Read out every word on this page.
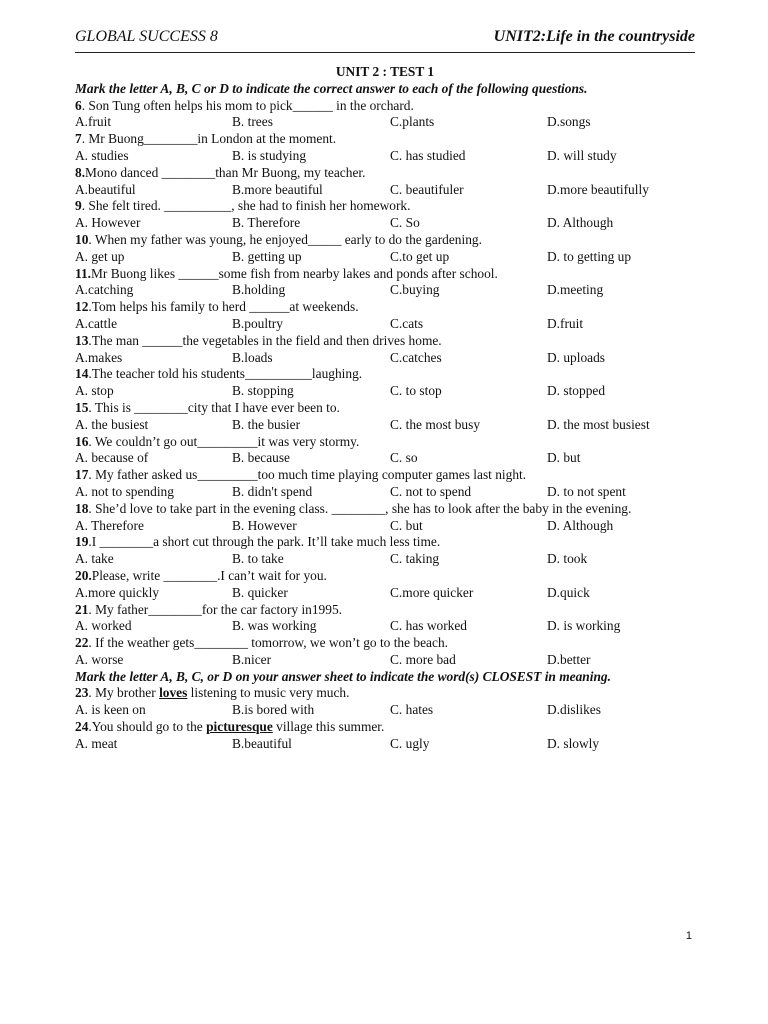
GLOBAL SUCCESS 8	UNIT2:Life in the countryside
UNIT 2 : TEST 1
Mark the letter A, B, C or D to indicate the correct answer to each of the following questions.
6. Son Tung often helps his mom to pick______ in the orchard.
A.fruit	B. trees	C.plants	D.songs
7. Mr Buong________in London at the moment.
A. studies	B. is studying	C. has studied	D. will study
8.Mono danced ________than Mr Buong, my teacher.
A.beautiful	B.more beautiful	C. beautifuler	D.more beautifully
9. She felt tired. __________, she had to finish her homework.
A. However	B. Therefore	C. So	D. Although
10. When my father was young, he enjoyed_____ early to do the gardening.
A. get up	B. getting up	C.to get up	D. to getting up
11.Mr Buong likes ______some fish from nearby lakes and ponds after school.
A.catching	B.holding	C.buying	D.meeting
12.Tom helps his family to herd ______at weekends.
A.cattle	B.poultry	C.cats	D.fruit
13.The man ______the vegetables in the field and then drives home.
A.makes	B.loads	C.catches	D. uploads
14.The teacher told his students__________laughing.
A. stop	B. stopping	C. to stop	D. stopped
15. This is ________city that I have ever been to.
A. the busiest	B. the busier	C. the most busy	D. the most busiest
16. We couldn’t go out_________it was very stormy.
A. because of	B. because	C. so	D. but
17. My father asked us_________too much time playing computer games last night.
A. not to spending	B. didn't spend	C. not to spend	D. to not spent
18. She’d love to take part in the evening class. ________, she has to look after the baby in the evening.
A. Therefore	B. However	C. but	D. Although
19.I ________a short cut through the park. It’ll take much less time.
A. take	B. to take	C. taking	D. took
20.Please, write ________.I can’t wait for you.
A.more quickly	B. quicker	C.more quicker	D.quick
21. My father________for the car factory in1995.
A. worked	B. was working	C. has worked	D. is working
22. If the weather gets________ tomorrow, we won’t go to the beach.
A. worse	B.nicer	C. more bad	D.better
Mark the letter A, B, C, or D on your answer sheet to indicate the word(s) CLOSEST in meaning.
23. My brother loves listening to music very much.
A. is keen on	B.is bored with	C. hates	D.dislikes
24.You should go to the picturesque village this summer.
A. meat	B.beautiful	C. ugly	D. slowly
1
